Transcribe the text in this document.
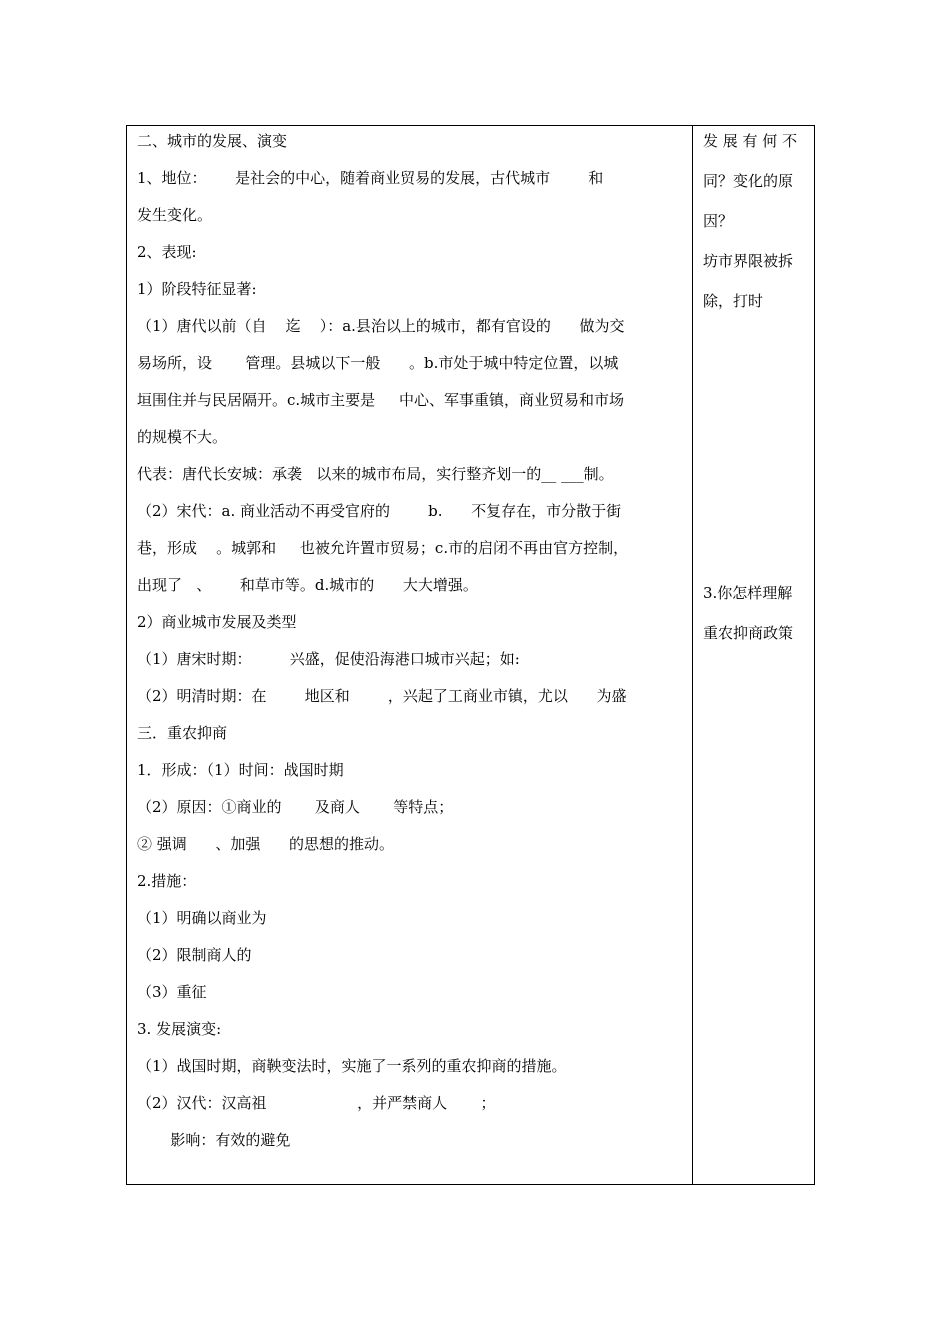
二、城市的发展、演变
1、地位：      是社会的中心，随着商业贸易的发展，古代城市        和
发生变化。
2、表现:
1）阶段特征显著:
（1）唐代以前（自    迄    ）：a.县治以上的城市，都有官设的      做为交
易场所，设       管理。县城以下一般      。b.市处于城中特定位置，以城
垣围住并与民居隔开。c.城市主要是     中心、军事重镇，商业贸易和市场
的规模不大。
代表：唐代长安城：承袭   以来的城市布局，实行整齐划一的__ ___制。
（2）宋代：a. 商业活动不再受官府的        b.      不复存在，市分散于街
巷，形成    。城郭和     也被允许置市贸易；c.市的启闭不再由官方控制，
出现了   、      和草市等。d.城市的      大大增强。
2）商业城市发展及类型
（1）唐宋时期：        兴盛，促使沿海港口城市兴起；如:
（2）明清时期：在        地区和        ，兴起了工商业市镇，尤以      为盛
三．重农抑商
1．形成：（1）时间：战国时期
（2）原因：①商业的       及商人       等特点；
② 强调      、加强      的思想的推动。
2.措施：
（1）明确以商业为
（2）限制商人的
（3）重征
3. 发展演变:
（1）战国时期，商鞅变法时，实施了一系列的重农抑商的措施。
（2）汉代：汉高祖                   ，并严禁商人       ；
影响：有效的避免
发 展 有 何 不
同？变化的原
因？
坊市界限被拆
除，打时
3.你怎样理解
重农抑商政策
